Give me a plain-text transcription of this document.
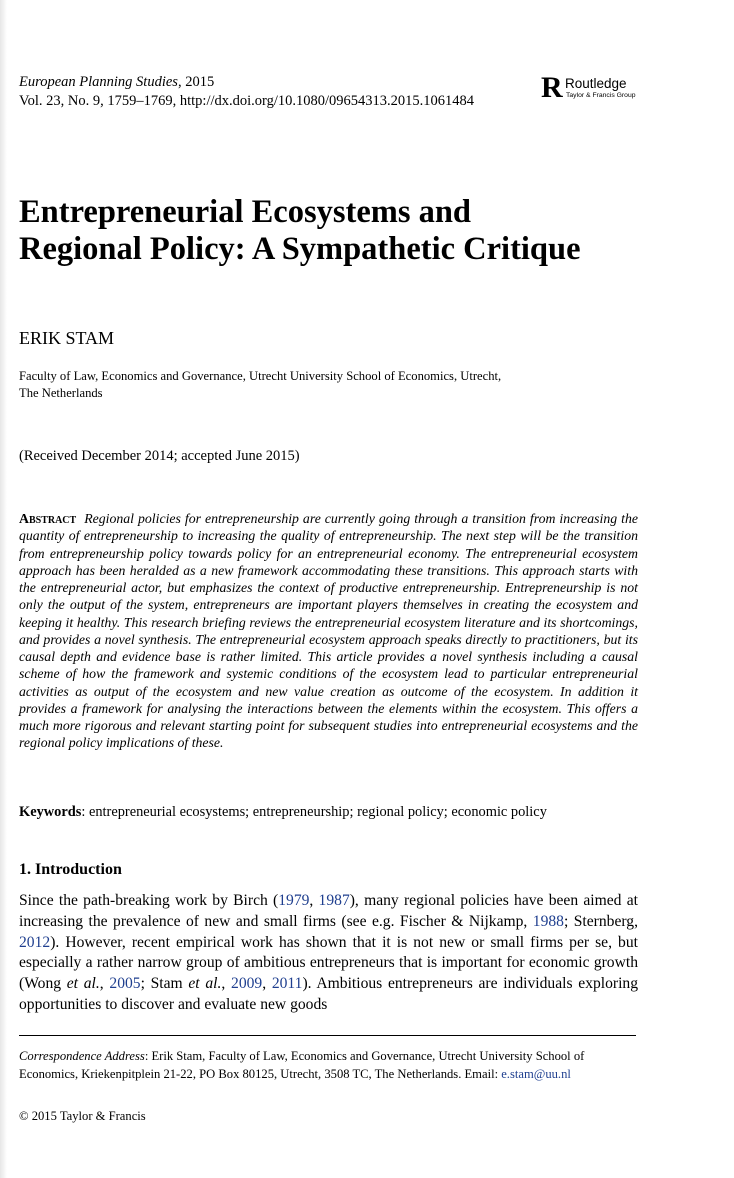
European Planning Studies, 2015
Vol. 23, No. 9, 1759–1769, http://dx.doi.org/10.1080/09654313.2015.1061484 R Routledge
Taylor & Francis Group
Entrepreneurial Ecosystems and
Regional Policy: A Sympathetic Critique
ERIK STAM
Faculty of Law, Economics and Governance, Utrecht University School of Economics, Utrecht,
The Netherlands
(Received December 2014; accepted June 2015)

Abstract Regional policies for entrepreneurship are currently going through a transition from increasing the quantity of entrepreneurship to increasing the quality of entrepreneurship. The next step will be the transition from entrepreneurship policy towards policy for an entrepreneurial economy. The entrepreneurial ecosystem approach has been heralded as a new framework accommodating these transitions. This approach starts with the entrepreneurial actor, but emphasizes the context of productive entrepreneurship. Entrepreneurship is not only the output of the system, entrepreneurs are important players themselves in creating the ecosystem and keeping it healthy. This research briefing reviews the entrepreneurial ecosystem literature and its shortcomings, and provides a novel synthesis. The entrepreneurial ecosystem approach speaks directly to practitioners, but its causal depth and evidence base is rather limited. This article provides a novel synthesis including a causal scheme of how the framework and systemic conditions of the ecosystem lead to particular entrepreneurial activities as output of the ecosystem and new value creation as outcome of the ecosystem. In addition it provides a framework for analysing the interactions between the elements within the ecosystem. This offers a much more rigorous and relevant starting point for subsequent studies into entrepreneurial ecosystems and the regional policy implications of these.

Keywords: entrepreneurial ecosystems; entrepreneurship; regional policy; economic policy
1. Introduction

Since the path-breaking work by Birch (1979, 1987), many regional policies have been aimed at increasing the prevalence of new and small firms (see e.g. Fischer & Nijkamp, 1988; Sternberg, 2012). However, recent empirical work has shown that it is not new or small firms per se, but especially a rather narrow group of ambitious entrepreneurs that is important for economic growth (Wong et al., 2005; Stam et al., 2009, 2011). Ambitious entrepreneurs are individuals exploring opportunities to discover and evaluate new goods

Correspondence Address: Erik Stam, Faculty of Law, Economics and Governance, Utrecht University School of Economics, Kriekenpitplein 21-22, PO Box 80125, Utrecht, 3508 TC, The Netherlands. Email: e.stam@uu.nl
© 2015 Taylor & Francis
